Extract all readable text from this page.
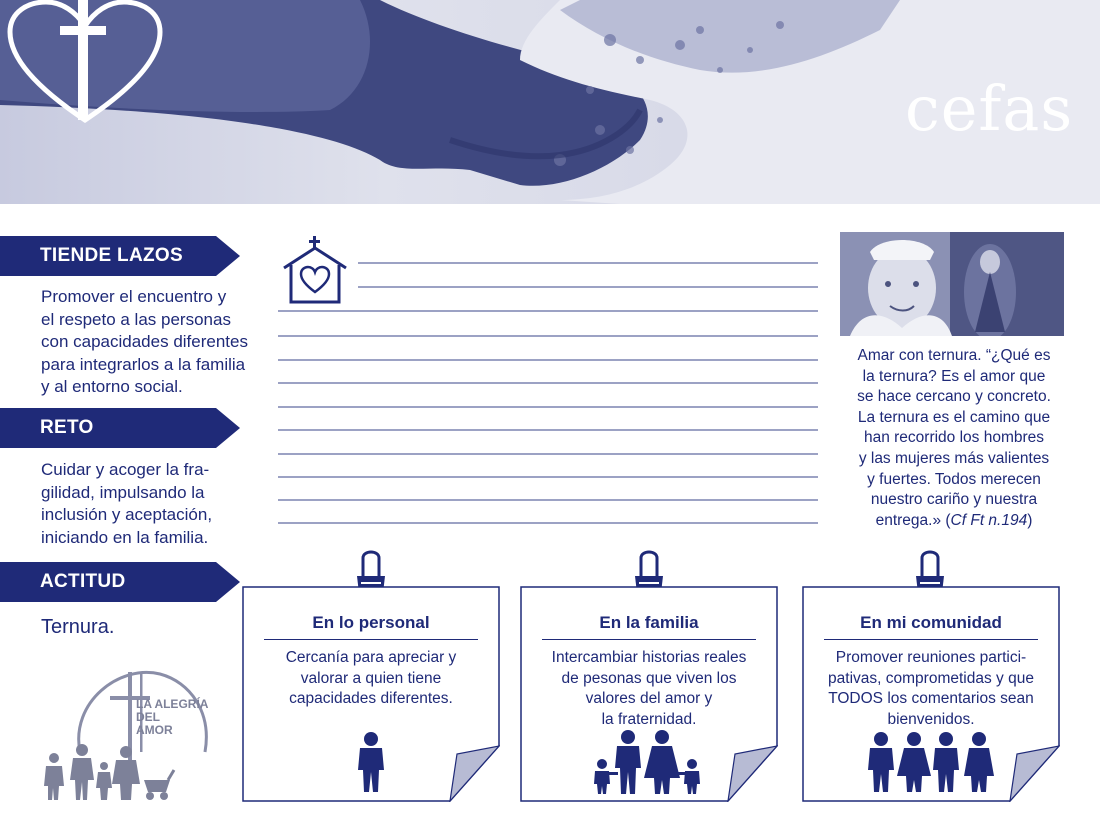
cefas
TIENDE LAZOS
Promover el encuentro y
el respeto a las personas
con capacidades diferentes
para integrarlos a la familia
y al entorno social.
RETO
Cuidar y acoger la fra-
gilidad, impulsando la
inclusión y aceptación,
iniciando en la familia.
ACTITUD
Ternura.
Amar con ternura. “¿Qué es
la ternura? Es el amor que
se hace cercano y concreto.
La ternura es el camino que
han recorrido los hombres
y las mujeres más valientes
y fuertes. Todos merecen
nuestro cariño y nuestra
entrega.» (Cf Ft n.194)
En lo personal
Cercanía para apreciar y
valorar a quien tiene
capacidades diferentes.
En la familia
Intercambiar historias reales
de pesonas que viven los
valores del amor y
la fraternidad.
En mi comunidad
Promover reuniones partici-
pativas, comprometidas y que
TODOS los comentarios sean
bienvenidos.
LA ALEGRÍA
DEL
AMOR
